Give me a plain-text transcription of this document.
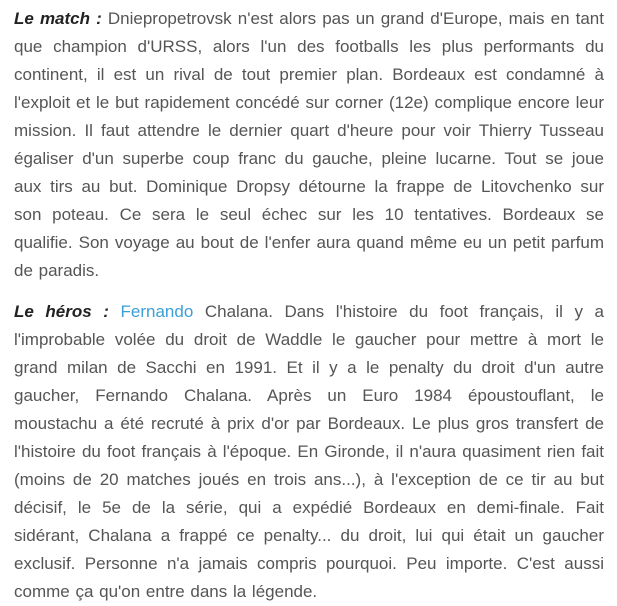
Le match : Dniepropetrovsk n'est alors pas un grand d'Europe, mais en tant que champion d'URSS, alors l'un des footballs les plus performants du continent, il est un rival de tout premier plan. Bordeaux est condamné à l'exploit et le but rapidement concédé sur corner (12e) complique encore leur mission. Il faut attendre le dernier quart d'heure pour voir Thierry Tusseau égaliser d'un superbe coup franc du gauche, pleine lucarne. Tout se joue aux tirs au but. Dominique Dropsy détourne la frappe de Litovchenko sur son poteau. Ce sera le seul échec sur les 10 tentatives. Bordeaux se qualifie. Son voyage au bout de l'enfer aura quand même eu un petit parfum de paradis.

Le héros : Fernando Chalana. Dans l'histoire du foot français, il y a l'improbable volée du droit de Waddle le gaucher pour mettre à mort le grand milan de Sacchi en 1991. Et il y a le penalty du droit d'un autre gaucher, Fernando Chalana. Après un Euro 1984 époustouflant, le moustachu a été recruté à prix d'or par Bordeaux. Le plus gros transfert de l'histoire du foot français à l'époque. En Gironde, il n'aura quasiment rien fait (moins de 20 matches joués en trois ans...), à l'exception de ce tir au but décisif, le 5e de la série, qui a expédié Bordeaux en demi-finale. Fait sidérant, Chalana a frappé ce penalty... du droit, lui qui était un gaucher exclusif. Personne n'a jamais compris pourquoi. Peu importe. C'est aussi comme ça qu'on entre dans la légende.
